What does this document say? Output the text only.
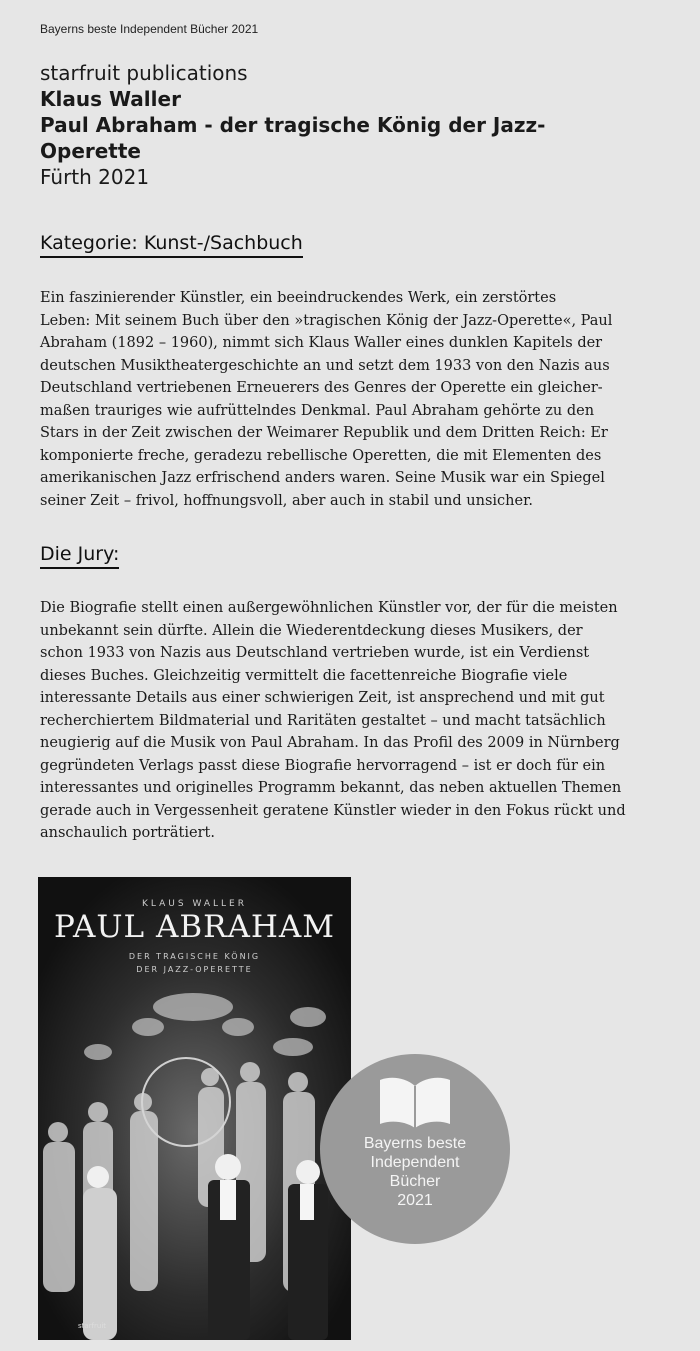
Bayerns beste Independent Bücher 2021
starfruit publications
Klaus Waller
Paul Abraham - der tragische König der Jazz-
Operette
Fürth 2021
Kategorie: Kunst-/Sachbuch
Ein faszinierender Künstler, ein beeindruckendes Werk, ein zerstörtes
Leben: Mit seinem Buch über den »tragischen König der Jazz-Operette«, Paul
Abraham (1892 – 1960), nimmt sich Klaus Waller eines dunklen Kapitels der
deutschen Musiktheatergeschichte an und setzt dem 1933 von den Nazis aus
Deutschland vertriebenen Erneuerers des Genres der Operette ein gleicher-
maßen trauriges wie aufrüttelndes Denkmal. Paul Abraham gehörte zu den
Stars in der Zeit zwischen der Weimarer Republik und dem Dritten Reich: Er
komponierte freche, geradezu rebellische Operetten, die mit Elementen des
amerikanischen Jazz erfrischend anders waren. Seine Musik war ein Spiegel
seiner Zeit – frivol, hoffnungsvoll, aber auch in stabil und unsicher.
Die Jury:
Die Biografie stellt einen außergewöhnlichen Künstler vor, der für die meisten
unbekannt sein dürfte. Allein die Wiederentdeckung dieses Musikers, der
schon 1933 von Nazis aus Deutschland vertrieben wurde, ist ein Verdienst
dieses Buches. Gleichzeitig vermittelt die facettenreiche Biografie viele
interessante Details aus einer schwierigen Zeit, ist ansprechend und mit gut
recherchiertem Bildmaterial und Raritäten gestaltet – und macht tatsächlich
neugierig auf die Musik von Paul Abraham. In das Profil des 2009 in Nürnberg
gegründeten Verlags passt diese Biografie hervorragend – ist er doch für ein
interessantes und originelles Programm bekannt, das neben aktuellen Themen
gerade auch in Vergessenheit geratene Künstler wieder in den Fokus rückt und
anschaulich porträtiert.
KLAUS WALLER
PAUL ABRAHAM
DER TRAGISCHE KÖNIG
DER JAZZ-OPERETTE
starfruit
Bayerns beste
Independent
Bücher
2021
